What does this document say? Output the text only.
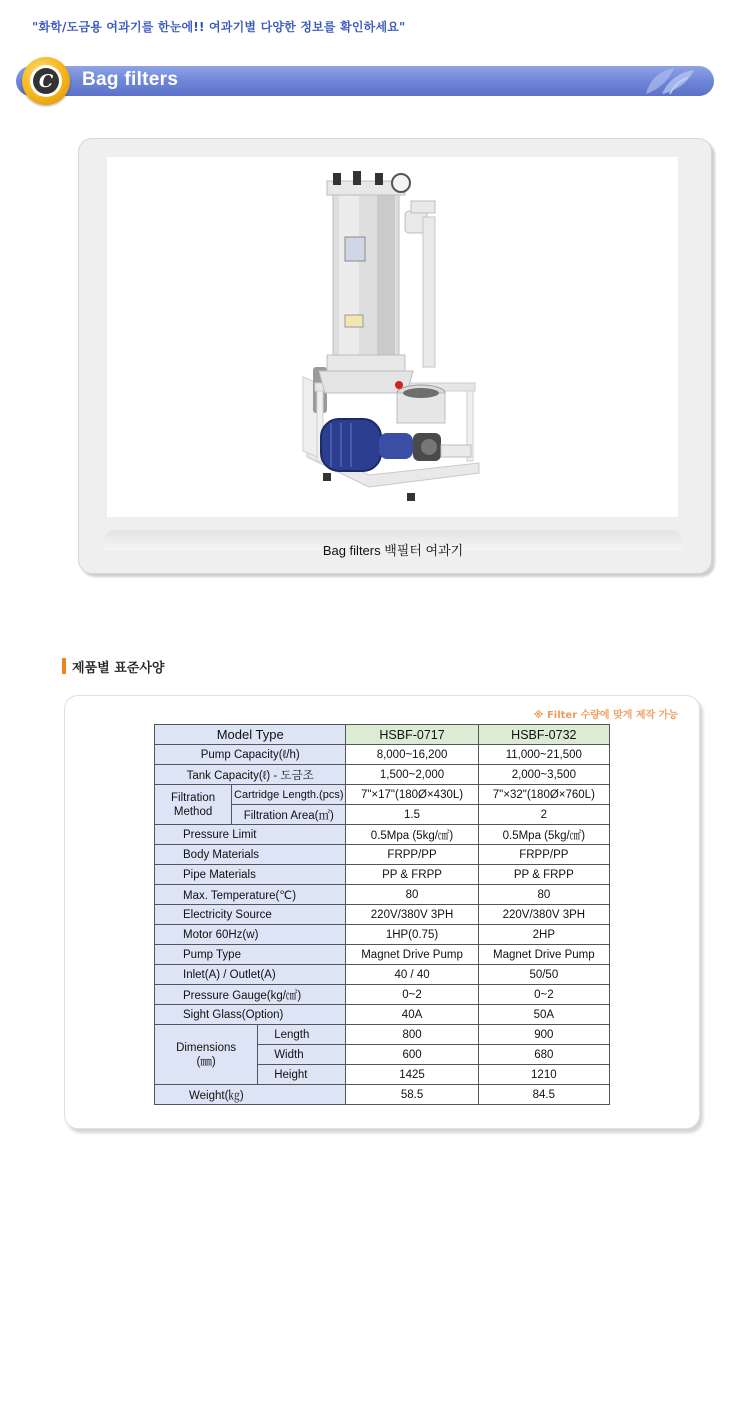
"화학/도금용 여과기를 한눈에!! 여과기별 다양한 정보를 확인하세요"
C	Bag filters
Bag filters 백필터 여과기
제품별 표준사양
※ Filter 수량에 맞게 제작 가능
Model Type			HSBF-0717	HSBF-0732
Pump Capacity(ℓ/h)			8,000~16,200	11,000~21,500
Tank Capacity(ℓ) - 도금조			1,500~2,000	2,000~3,500
Filtration Method	Cartridge Length.(pcs)		7"×17"(180Ø×430L)	7"×32"(180Ø×760L)
	Filtration Area(㎡)		1.5	2
Pressure Limit			0.5Mpa (5kg/㎠)	0.5Mpa (5kg/㎠)
Body Materials			FRPP/PP	FRPP/PP
Pipe Materials			PP & FRPP	PP & FRPP
Max. Temperature(℃)			80	80
Electricity Source			220V/380V 3PH	220V/380V 3PH
Motor 60Hz(w)			1HP(0.75)	2HP
Pump Type			Magnet Drive Pump	Magnet Drive Pump
Inlet(A) / Outlet(A)			40 / 40	50/50
Pressure Gauge(kg/㎠)			0~2	0~2
Sight Glass(Option)			40A	50A
Dimensions
(㎜)		Length	800	900
		Width	600	680
		Height	1425	1210
Weight(㎏)			58.5	84.5
